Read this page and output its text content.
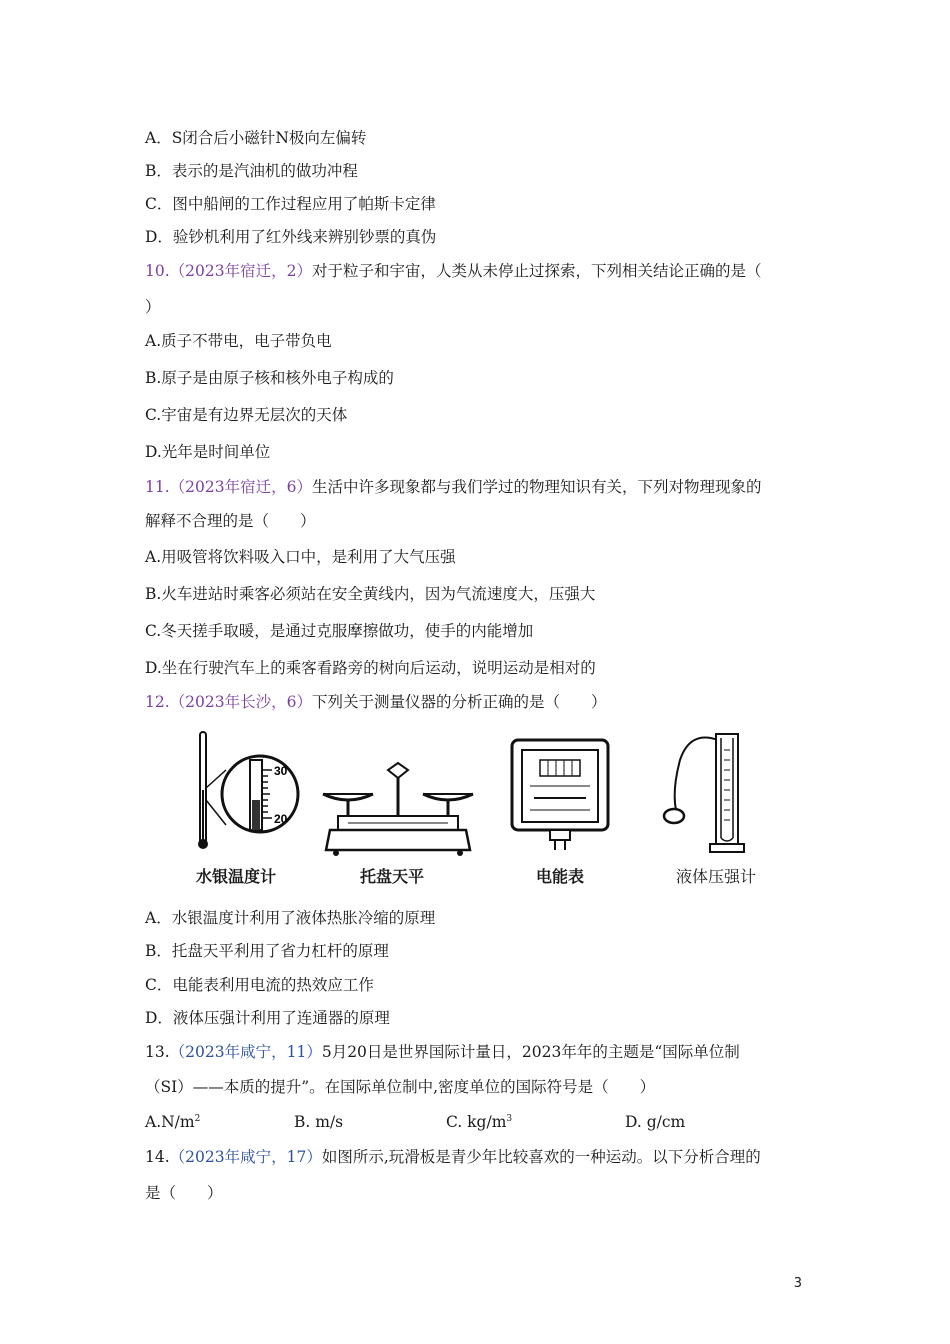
A．S闭合后小磁针N极向左偏转
B．表示的是汽油机的做功冲程
C．图中船闸的工作过程应用了帕斯卡定律
D．验钞机利用了红外线来辨别钞票的真伪
10.（2023年宿迁，2）对于粒子和宇宙，人类从未停止过探索，下列相关结论正确的是（
）
A.质子不带电，电子带负电
B.原子是由原子核和核外电子构成的
C.宇宙是有边界无层次的天体
D.光年是时间单位
11.（2023年宿迁，6）生活中许多现象都与我们学过的物理知识有关，下列对物理现象的
解释不合理的是（　　）
A.用吸管将饮料吸入口中，是利用了大气压强
B.火车进站时乘客必须站在安全黄线内，因为气流速度大，压强大
C.冬天搓手取暖，是通过克服摩擦做功，使手的内能增加
D.坐在行驶汽车上的乘客看路旁的树向后运动，说明运动是相对的
12.（2023年长沙，6）下列关于测量仪器的分析正确的是（　　）
30
20
水银温度计	托盘天平	电能表	液体压强计
A．水银温度计利用了液体热胀冷缩的原理
B．托盘天平利用了省力杠杆的原理
C．电能表利用电流的热效应工作
D．液体压强计利用了连通器的原理
13.（2023年咸宁，11）5月20日是世界国际计量日，2023年年的主题是“国际单位制
（SI）——本质的提升”。在国际单位制中,密度单位的国际符号是（　　）
$A.N/m^2$	B. m/s	C. $kg/m^3$	D. g/cm
14.（2023年咸宁，17）如图所示,玩滑板是青少年比较喜欢的一种运动。以下分析合理的
是（　　）
3
